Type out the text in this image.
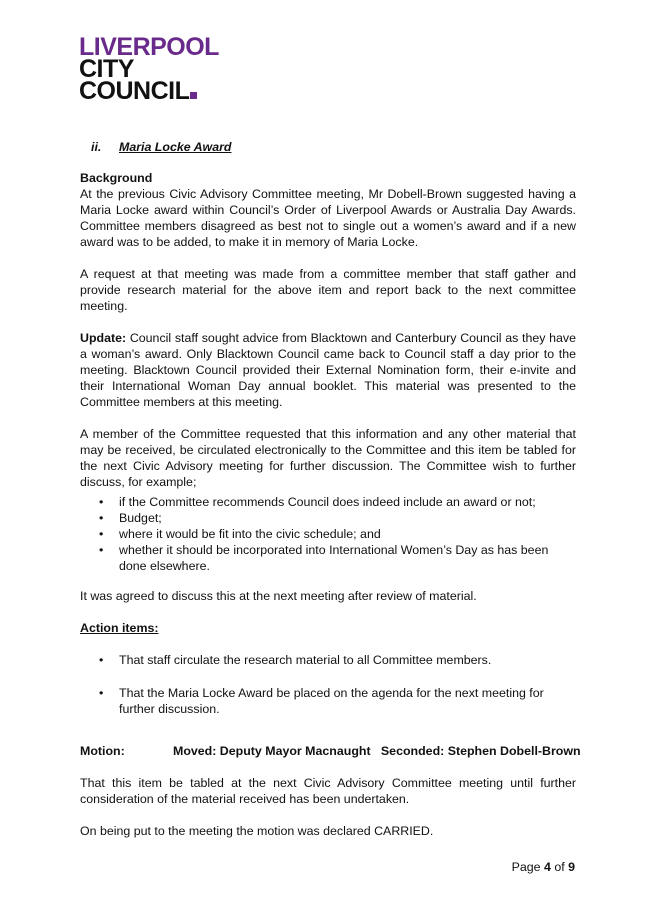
LIVERPOOL
CITY
COUNCIL
ii. Maria Locke Award
Background

At the previous Civic Advisory Committee meeting, Mr Dobell-Brown suggested having a Maria Locke award within Council’s Order of Liverpool Awards or Australia Day Awards. Committee members disagreed as best not to single out a women’s award and if a new award was to be added, to make it in memory of Maria Locke.

A request at that meeting was made from a committee member that staff gather and provide research material for the above item and report back to the next committee meeting.

Update: Council staff sought advice from Blacktown and Canterbury Council as they have a woman’s award. Only Blacktown Council came back to Council staff a day prior to the meeting. Blacktown Council provided their External Nomination form, their e-invite and their International Woman Day annual booklet. This material was presented to the Committee members at this meeting.

A member of the Committee requested that this information and any other material that may be received, be circulated electronically to the Committee and this item be tabled for the next Civic Advisory meeting for further discussion. The Committee wish to further discuss, for example;

• if the Committee recommends Council does indeed include an award or not;
• Budget;
• where it would be fit into the civic schedule; and
• whether it should be incorporated into International Women’s Day as has been done elsewhere.

It was agreed to discuss this at the next meeting after review of material.

Action items:
• That staff circulate the research material to all Committee members.
• That the Maria Locke Award be placed on the agenda for the next meeting for further discussion.
Motion:	Moved: Deputy Mayor Macnaught Seconded: Stephen Dobell-Brown

That this item be tabled at the next Civic Advisory Committee meeting until further consideration of the material received has been undertaken.

On being put to the meeting the motion was declared CARRIED.

Page 4 of 9
